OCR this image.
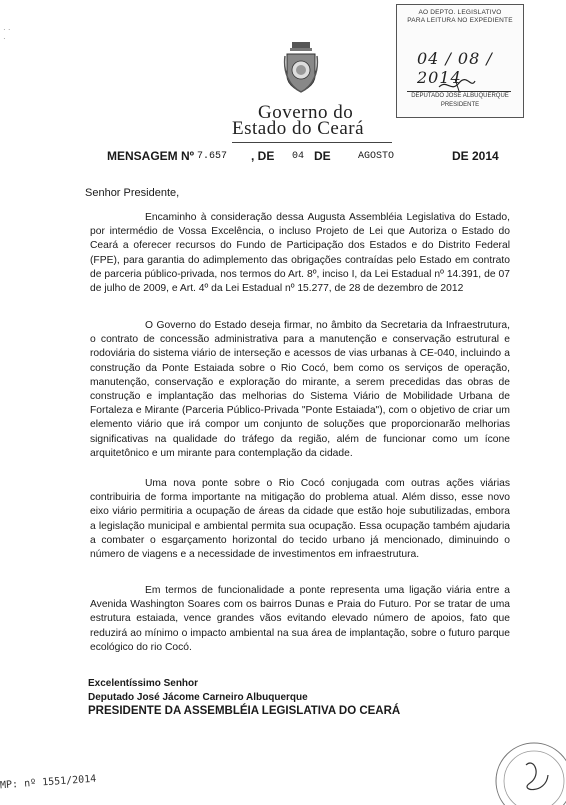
· ·
·
AO DEPTO. LEGISLATIVO
PARA LEITURA NO EXPEDIENTE
04 / 08 / 2014
DEPUTADO JOSÉ ALBUQUERQUE
PRESIDENTE
Governo do
Estado do Ceará
MENSAGEM Nº 7.657 , DE 04 DE	AGOSTO	DE 2014
Senhor Presidente,
Encaminho à consideração dessa Augusta Assembléia Legislativa do Estado, por intermédio de Vossa Excelência, o incluso Projeto de Lei que Autoriza o Estado do Ceará a oferecer recursos do Fundo de Participação dos Estados e do Distrito Federal (FPE), para garantia do adimplemento das obrigações contraídas pelo Estado em contrato de parceria público-privada, nos termos do Art. 8º, inciso I, da Lei Estadual nº 14.391, de 07 de julho de 2009, e Art. 4º da Lei Estadual nº 15.277, de 28 de dezembro de 2012
O Governo do Estado deseja firmar, no âmbito da Secretaria da Infraestrutura, o contrato de concessão administrativa para a manutenção e conservação estrutural e rodoviária do sistema viário de interseção e acessos de vias urbanas à CE-040, incluindo a construção da Ponte Estaiada sobre o Rio Cocó, bem como os serviços de operação, manutenção, conservação e exploração do mirante, a serem precedidas das obras de construção e implantação das melhorias do Sistema Viário de Mobilidade Urbana de Fortaleza e Mirante (Parceria Público-Privada "Ponte Estaiada"), com o objetivo de criar um elemento viário que irá compor um conjunto de soluções que proporcionarão melhorias significativas na qualidade do tráfego da região, além de funcionar como um ícone arquitetônico e um mirante para contemplação da cidade.
Uma nova ponte sobre o Rio Cocó conjugada com outras ações viárias contribuiria de forma importante na mitigação do problema atual. Além disso, esse novo eixo viário permitiria a ocupação de áreas da cidade que estão hoje subutilizadas, embora a legislação municipal e ambiental permita sua ocupação. Essa ocupação também ajudaria a combater o esgarçamento horizontal do tecido urbano já mencionado, diminuindo o número de viagens e a necessidade de investimentos em infraestrutura.
Em termos de funcionalidade a ponte representa uma ligação viária entre a Avenida Washington Soares com os bairros Dunas e Praia do Futuro. Por se tratar de uma estrutura estaiada, vence grandes vãos evitando elevado número de apoios, fato que reduzirá ao mínimo o impacto ambiental na sua área de implantação, sobre o futuro parque ecológico do rio Cocó.
Excelentíssimo Senhor
Deputado José Jácome Carneiro Albuquerque
PRESIDENTE DA ASSEMBLÉIA LEGISLATIVA DO CEARÁ
MP: nº 1551/2014
